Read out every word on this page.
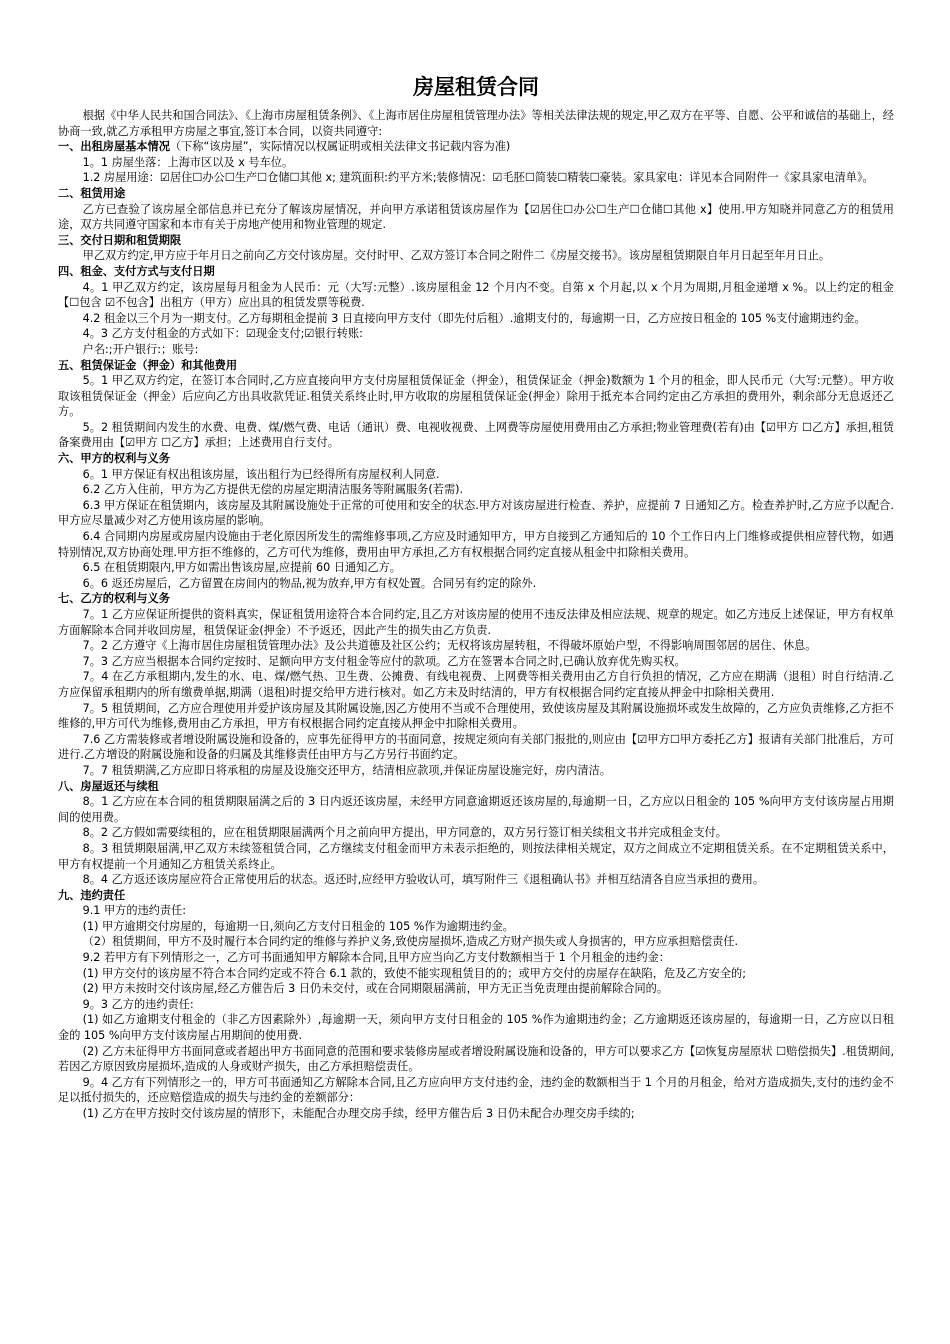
房屋租赁合同

根据《中华人民共和国合同法》、《上海市房屋租赁条例》、《上海市居住房屋租赁管理办法》等相关法律法规的规定,甲乙双方在平等、自愿、公平和诚信的基础上，经协商一致,就乙方承租甲方房屋之事宜,签订本合同，以资共同遵守:

一、出租房屋基本情况（下称“该房屋”，实际情况以权属证明或相关法律文书记载内容为准)

1。1 房屋坐落：上海市区以及 x 号车位。

1.2 房屋用途：☑居住☐办公☐生产☐仓储☐其他 x; 建筑面积:约平方米;装修情况：☑毛胚☐简装☐精装☐豪装。家具家电：详见本合同附件一《家具家电清单》。

二、租赁用途

乙方已查验了该房屋全部信息并已充分了解该房屋情况，并向甲方承诺租赁该房屋作为【☑居住☐办公☐生产☐仓储☐其他 x】使用.甲方知晓并同意乙方的租赁用途，双方共同遵守国家和本市有关于房地产使用和物业管理的规定.

三、交付日期和租赁期限

甲乙双方约定,甲方应于年月日之前向乙方交付该房屋。交付时甲、乙双方签订本合同之附件二《房屋交接书》。该房屋租赁期限自年月日起至年月日止。

四、租金、支付方式与支付日期

4。1 甲乙双方约定，该房屋每月租金为人民币：元（大写:元整）.该房屋租金 12 个月内不变。自第 x 个月起,以 x 个月为周期,月租金递增 x %。以上约定的租金【☐包含 ☑不包含】出租方（甲方）应出具的租赁发票等税费.

4.2 租金以三个月为一期支付。乙方每期租金提前 3 日直接向甲方支付（即先付后租）.逾期支付的，每逾期一日，乙方应按日租金的 105 %支付逾期违约金。

4。3 乙方支付租金的方式如下：☑现金支付;☑银行转账:

户名:;开户银行:；账号:

五、租赁保证金（押金）和其他费用

5。1 甲乙双方约定，在签订本合同时,乙方应直接向甲方支付房屋租赁保证金（押金），租赁保证金（押金)数额为 1 个月的租金，即人民币元（大写:元整）。甲方收取该租赁保证金（押金）后应向乙方出具收款凭证.租赁关系终止时,甲方收取的房屋租赁保证金(押金）除用于抵充本合同约定由乙方承担的费用外，剩余部分无息返还乙方。

5。2 租赁期间内发生的水费、电费、煤/燃气费、电话（通讯）费、电视收视费、上网费等房屋使用费用由乙方承担;物业管理费(若有)由【☑甲方 ☐乙方】承担,租赁备案费用由【☑甲方 ☐乙方】承担；上述费用自行支付。

六、甲方的权利与义务

6。1 甲方保证有权出租该房屋，该出租行为已经得所有房屋权利人同意.

6.2 乙方入住前，甲方为乙方提供无偿的房屋定期清洁服务等附属服务(若需).

6.3 甲方保证在租赁期内，该房屋及其附属设施处于正常的可使用和安全的状态.甲方对该房屋进行检查、养护，应提前 7 日通知乙方。检查养护时,乙方应予以配合.甲方应尽量减少对乙方使用该房屋的影响。

6.4 合同期内房屋或房屋内设施由于老化原因所发生的需维修事项,乙方应及时通知甲方，甲方自接到乙方通知后的 10 个工作日内上门维修或提供相应替代物，如遇特别情况,双方协商处理.甲方拒不维修的，乙方可代为维修，费用由甲方承担,乙方有权根据合同约定直接从租金中扣除相关费用。

6.5 在租赁期限内,甲方如需出售该房屋,应提前 60 日通知乙方。

6。6 返还房屋后，乙方留置在房间内的物品,视为放弃,甲方有权处置。合同另有约定的除外.

七、乙方的权利与义务

7。1 乙方应保证所提供的资料真实，保证租赁用途符合本合同约定,且乙方对该房屋的使用不违反法律及相应法规、规章的规定。如乙方违反上述保证，甲方有权单方面解除本合同并收回房屋，租赁保证金(押金）不予返还，因此产生的损失由乙方负责.

7。2 乙方遵守《上海市居住房屋租赁管理办法》及公共道德及社区公约；无权将该房屋转租，不得破坏原始户型，不得影响周围邻居的居住、休息。

7。3 乙方应当根据本合同约定按时、足额向甲方支付租金等应付的款项。乙方在签署本合同之时,已确认放弃优先购买权。

7。4 在乙方承租期内,发生的水、电、煤/燃气热、卫生费、公摊费、有线电视费、上网费等相关费用由乙方自行负担的情况，乙方应在期满（退租）时自行结清.乙方应保留承租期内的所有缴费单据,期满（退租)时提交给甲方进行核对。如乙方未及时结清的，甲方有权根据合同约定直接从押金中扣除相关费用.

7。5 租赁期间，乙方应合理使用并爱护该房屋及其附属设施,因乙方使用不当或不合理使用，致使该房屋及其附属设施损坏或发生故障的，乙方应负责维修,乙方拒不维修的,甲方可代为维修,费用由乙方承担，甲方有权根据合同约定直接从押金中扣除相关费用。

7.6 乙方需装修或者增设附属设施和设备的，应事先征得甲方的书面同意，按规定须向有关部门报批的,则应由【☑甲方☐甲方委托乙方】报请有关部门批准后，方可进行.乙方增设的附属设施和设备的归属及其维修责任由甲方与乙方另行书面约定。

7。7 租赁期满,乙方应即日将承租的房屋及设施交还甲方，结清相应款项,并保证房屋设施完好，房内清洁。

八、房屋返还与续租

8。1 乙方应在本合同的租赁期限届满之后的 3 日内返还该房屋，未经甲方同意逾期返还该房屋的,每逾期一日，乙方应以日租金的 105 %向甲方支付该房屋占用期间的使用费。

8。2 乙方假如需要续租的，应在租赁期限届满两个月之前向甲方提出，甲方同意的，双方另行签订相关续租文书并完成租金支付。

8。3 租赁期限届满,甲乙双方未续签租赁合同，乙方继续支付租金而甲方未表示拒绝的，则按法律相关规定，双方之间成立不定期租赁关系。在不定期租赁关系中，甲方有权提前一个月通知乙方租赁关系终止。

8。4 乙方返还该房屋应符合正常使用后的状态。返还时,应经甲方验收认可，填写附件三《退租确认书》并相互结清各自应当承担的费用。

九、违约责任

9.1 甲方的违约责任:

(1) 甲方逾期交付房屋的，每逾期一日,须向乙方支付日租金的 105 %作为逾期违约金。

（2）租赁期间，甲方不及时履行本合同约定的维修与养护义务,致使房屋损坏,造成乙方财产损失或人身损害的，甲方应承担赔偿责任.

9.2 若甲方有下列情形之一，乙方可书面通知甲方解除本合同,且甲方应当向乙方支付数额相当于 1 个月租金的违约金：

(1) 甲方交付的该房屋不符合本合同约定或不符合 6.1 款的，致使不能实现租赁目的的；或甲方交付的房屋存在缺陷，危及乙方安全的;

(2) 甲方未按时交付该房屋,经乙方催告后 3 日仍未交付，或在合同期限届满前，甲方无正当免责理由提前解除合同的。

9。3 乙方的违约责任:

(1) 如乙方逾期支付租金的（非乙方因素除外）,每逾期一天，须向甲方支付日租金的 105 %作为逾期违约金；乙方逾期返还该房屋的，每逾期一日，乙方应以日租金的 105 %向甲方支付该房屋占用期间的使用费.

(2) 乙方未征得甲方书面同意或者超出甲方书面同意的范围和要求装修房屋或者增设附属设施和设备的，甲方可以要求乙方【☑恢复房屋原状 ☐赔偿损失】.租赁期间,若因乙方原因致房屋损坏,造成的人身或财产损失，由乙方承担赔偿责任。

9。4 乙方有下列情形之一的，甲方可书面通知乙方解除本合同,且乙方应向甲方支付违约金，违约金的数额相当于 1 个月的月租金，给对方造成损失,支付的违约金不足以抵付损失的，还应赔偿造成的损失与违约金的差额部分：

(1) 乙方在甲方按时交付该房屋的情形下，未能配合办理交房手续，经甲方催告后 3 日仍未配合办理交房手续的;
